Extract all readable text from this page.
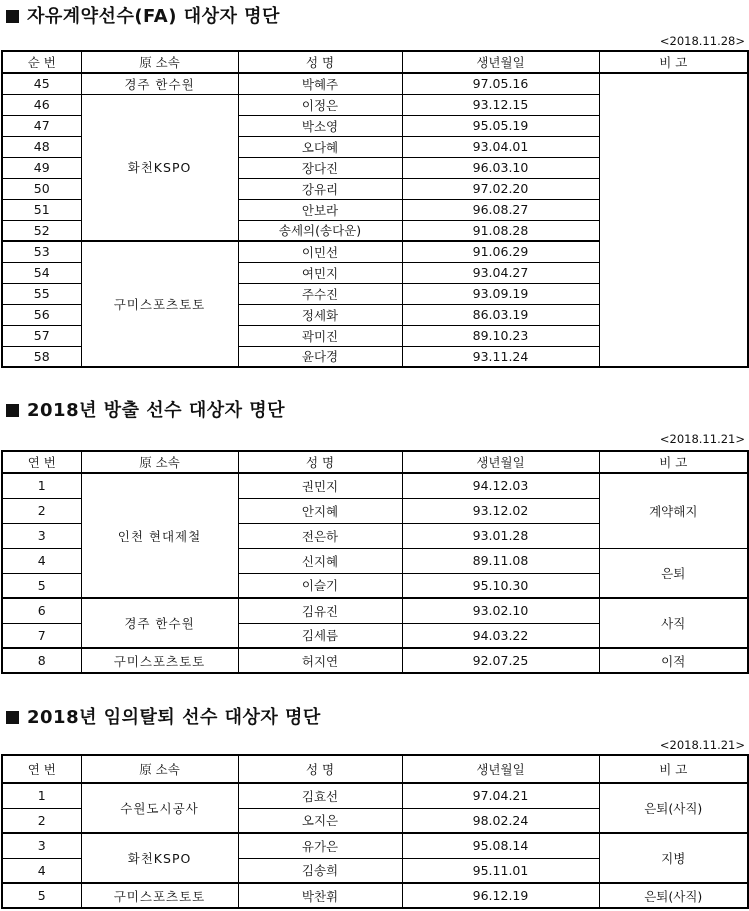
자유계약선수(FA) 대상자 명단
<2018.11.28>
순 번	原 소속	성 명	생년월일	비 고
45	경주 한수원	박혜주	97.05.16	
46	화천KSPO	이정은	93.12.15	
47		박소영	95.05.19	
48		오다혜	93.04.01	
49		장다진	96.03.10	
50		강유리	97.02.20	
51		안보라	96.08.27	
52		송세의(송다운)	91.08.28	
53	구미스포츠토토	이민선	91.06.29	
54		여민지	93.04.27	
55		주수진	93.09.19	
56		정세화	86.03.19	
57		곽미진	89.10.23	
58		윤다경	93.11.24	
2018년 방출 선수 대상자 명단
<2018.11.21>
연 번	原 소속	성 명	생년월일	비 고
1	인천 현대제철	권민지	94.12.03	계약해지
2		안지혜	93.12.02	
3		전은하	93.01.28	
4		신지혜	89.11.08	은퇴
5		이슬기	95.10.30	
6	경주 한수원	김유진	93.02.10	사직
7		김세름	94.03.22	
8	구미스포츠토토	허지연	92.07.25	이적
2018년 임의탈퇴 선수 대상자 명단
<2018.11.21>
연 번	原 소속	성 명	생년월일	비 고
1	수원도시공사	김효선	97.04.21	은퇴(사직)
2		오지은	98.02.24	
3	화천KSPO	유가은	95.08.14	지병
4		김송희	95.11.01	
5	구미스포츠토토	박찬휘	96.12.19	은퇴(사직)
